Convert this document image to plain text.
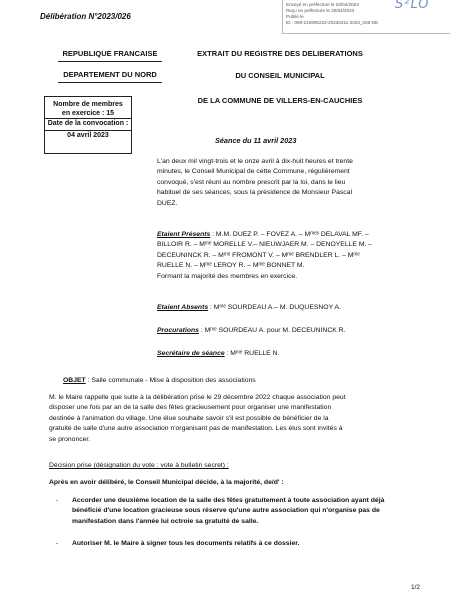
Délibération N°2023/026
Envoyé en préfecture le 20/04/2023
Reçu en préfecture le 20/04/2023
Publié le
ID : 059-215906223-20230411-2023_026-DE
S²LO
REPUBLIQUE FRANCAISE
DEPARTEMENT DU NORD
EXTRAIT DU REGISTRE DES DELIBERATIONS
DU CONSEIL MUNICIPAL
DE LA COMMUNE DE VILLERS-EN-CAUCHIES
Nombre de membres
en exercice : 15
Date de la convocation :
04 avril 2023
Séance du 11 avril 2023
L'an deux mil vingt-trois et le onze avril à dix-huit heures et trente
minutes, le Conseil Municipal de cette Commune, régulièrement
convoqué, s'est réuni au nombre prescrit par la loi, dans le lieu
habituel de ses séances, sous la présidence de Monsieur Pascal
DUEZ.
Etaient Présents : M.M. DUEZ P. – FOVEZ A. – Mᵐᵉˢ DELAVAL MF. –
BILLOIR R. – Mᵐᵉ MORELLE V.– NIEUWJAER M. – DENOYELLE M. –
DECEUNINCK R. – Mᵐᵉ FROMONT V. – Mᵐᵉ BRENDLER L. – Mᵐᵉ
RUELLE N. – Mᵐᵉ LEROY R. – Mᵐᵉ BONNET M.
Formant la majorité des membres en exercice.
Etaient Absents : Mᵐᵉ SOURDEAU A.– M. DUQUESNOY A.
Procurations : Mᵐᵉ SOURDEAU A. pour M. DECEUNINCK R.
Secrétaire de séance : Mᵐᵉ RUELLE N.
OBJET : Salle communale - Mise à disposition des associations
M. le Maire rappelle que suite à la délibération prise le 29 décembre 2022 chaque association peut
disposer une fois par an de la salle des fêtes gracieusement pour organiser une manifestation
destinée à l'animation du village. Une élue souhaite savoir s'il est possible de bénéficier de la
gratuité de salle d'une autre association n'organisant pas de manifestation. Les élus sont invités à
se prononcer.
Décision prise (désignation du vote : vote à bulletin secret) :
Après en avoir délibéré, le Conseil Municipal décide, à la majorité, de/d' :
- Accorder une deuxième location de la salle des fêtes gratuitement à toute association ayant déjà
bénéficié d'une location gracieuse sous réserve qu'une autre association qui n'organise pas de
manifestation dans l'année lui octroie sa gratuité de salle.
- Autoriser M. le Maire à signer tous les documents relatifs à ce dossier.
1/2
